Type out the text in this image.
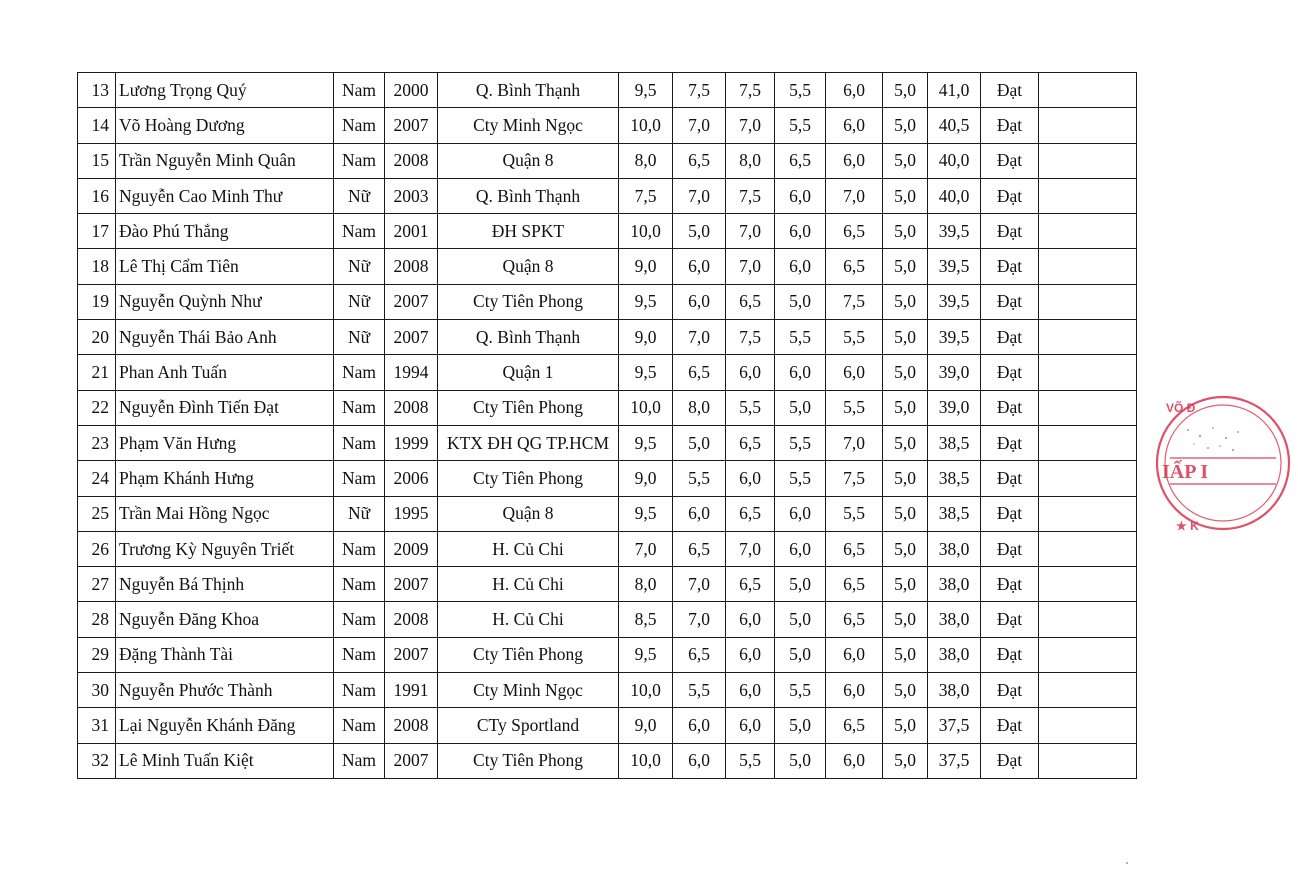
13	Lương Trọng Quý	Nam	2000	Q. Bình Thạnh	9,5	7,5	7,5	5,5	6,0	5,0	41,0	Đạt	
14	Võ Hoàng Dương	Nam	2007	Cty Minh Ngọc	10,0	7,0	7,0	5,5	6,0	5,0	40,5	Đạt	
15	Trần Nguyễn Minh Quân	Nam	2008	Quận 8	8,0	6,5	8,0	6,5	6,0	5,0	40,0	Đạt	
16	Nguyễn Cao Minh Thư	Nữ	2003	Q. Bình Thạnh	7,5	7,0	7,5	6,0	7,0	5,0	40,0	Đạt	
17	Đào Phú Thắng	Nam	2001	ĐH SPKT	10,0	5,0	7,0	6,0	6,5	5,0	39,5	Đạt	
18	Lê Thị Cẩm Tiên	Nữ	2008	Quận 8	9,0	6,0	7,0	6,0	6,5	5,0	39,5	Đạt	
19	Nguyễn Quỳnh Như	Nữ	2007	Cty Tiên Phong	9,5	6,0	6,5	5,0	7,5	5,0	39,5	Đạt	
20	Nguyễn Thái Bảo Anh	Nữ	2007	Q. Bình Thạnh	9,0	7,0	7,5	5,5	5,5	5,0	39,5	Đạt	
21	Phan Anh Tuấn	Nam	1994	Quận 1	9,5	6,5	6,0	6,0	6,0	5,0	39,0	Đạt	
22	Nguyễn Đình Tiến Đạt	Nam	2008	Cty Tiên Phong	10,0	8,0	5,5	5,0	5,5	5,0	39,0	Đạt	
23	Phạm Văn Hưng	Nam	1999	KTX ĐH QG TP.HCM	9,5	5,0	6,5	5,5	7,0	5,0	38,5	Đạt	
24	Phạm Khánh Hưng	Nam	2006	Cty Tiên Phong	9,0	5,5	6,0	5,5	7,5	5,0	38,5	Đạt	
25	Trần Mai Hồng Ngọc	Nữ	1995	Quận 8	9,5	6,0	6,5	6,0	5,5	5,0	38,5	Đạt	
26	Trương Kỳ Nguyên Triết	Nam	2009	H. Củ Chi	7,0	6,5	7,0	6,0	6,5	5,0	38,0	Đạt	
27	Nguyễn Bá Thịnh	Nam	2007	H. Củ Chi	8,0	7,0	6,5	5,0	6,5	5,0	38,0	Đạt	
28	Nguyễn Đăng Khoa	Nam	2008	H. Củ Chi	8,5	7,0	6,0	5,0	6,5	5,0	38,0	Đạt	
29	Đặng Thành Tài	Nam	2007	Cty Tiên Phong	9,5	6,5	6,0	5,0	6,0	5,0	38,0	Đạt	
30	Nguyễn Phước Thành	Nam	1991	Cty Minh Ngọc	10,0	5,5	6,0	5,5	6,0	5,0	38,0	Đạt	
31	Lại Nguyễn Khánh Đăng	Nam	2008	CTy Sportland	9,0	6,0	6,0	5,0	6,5	5,0	37,5	Đạt	
32	Lê Minh Tuấn Kiệt	Nam	2007	Cty Tiên Phong	10,0	6,0	5,5	5,0	6,0	5,0	37,5	Đạt	
VÕ Đ
IẤP I
★ K
